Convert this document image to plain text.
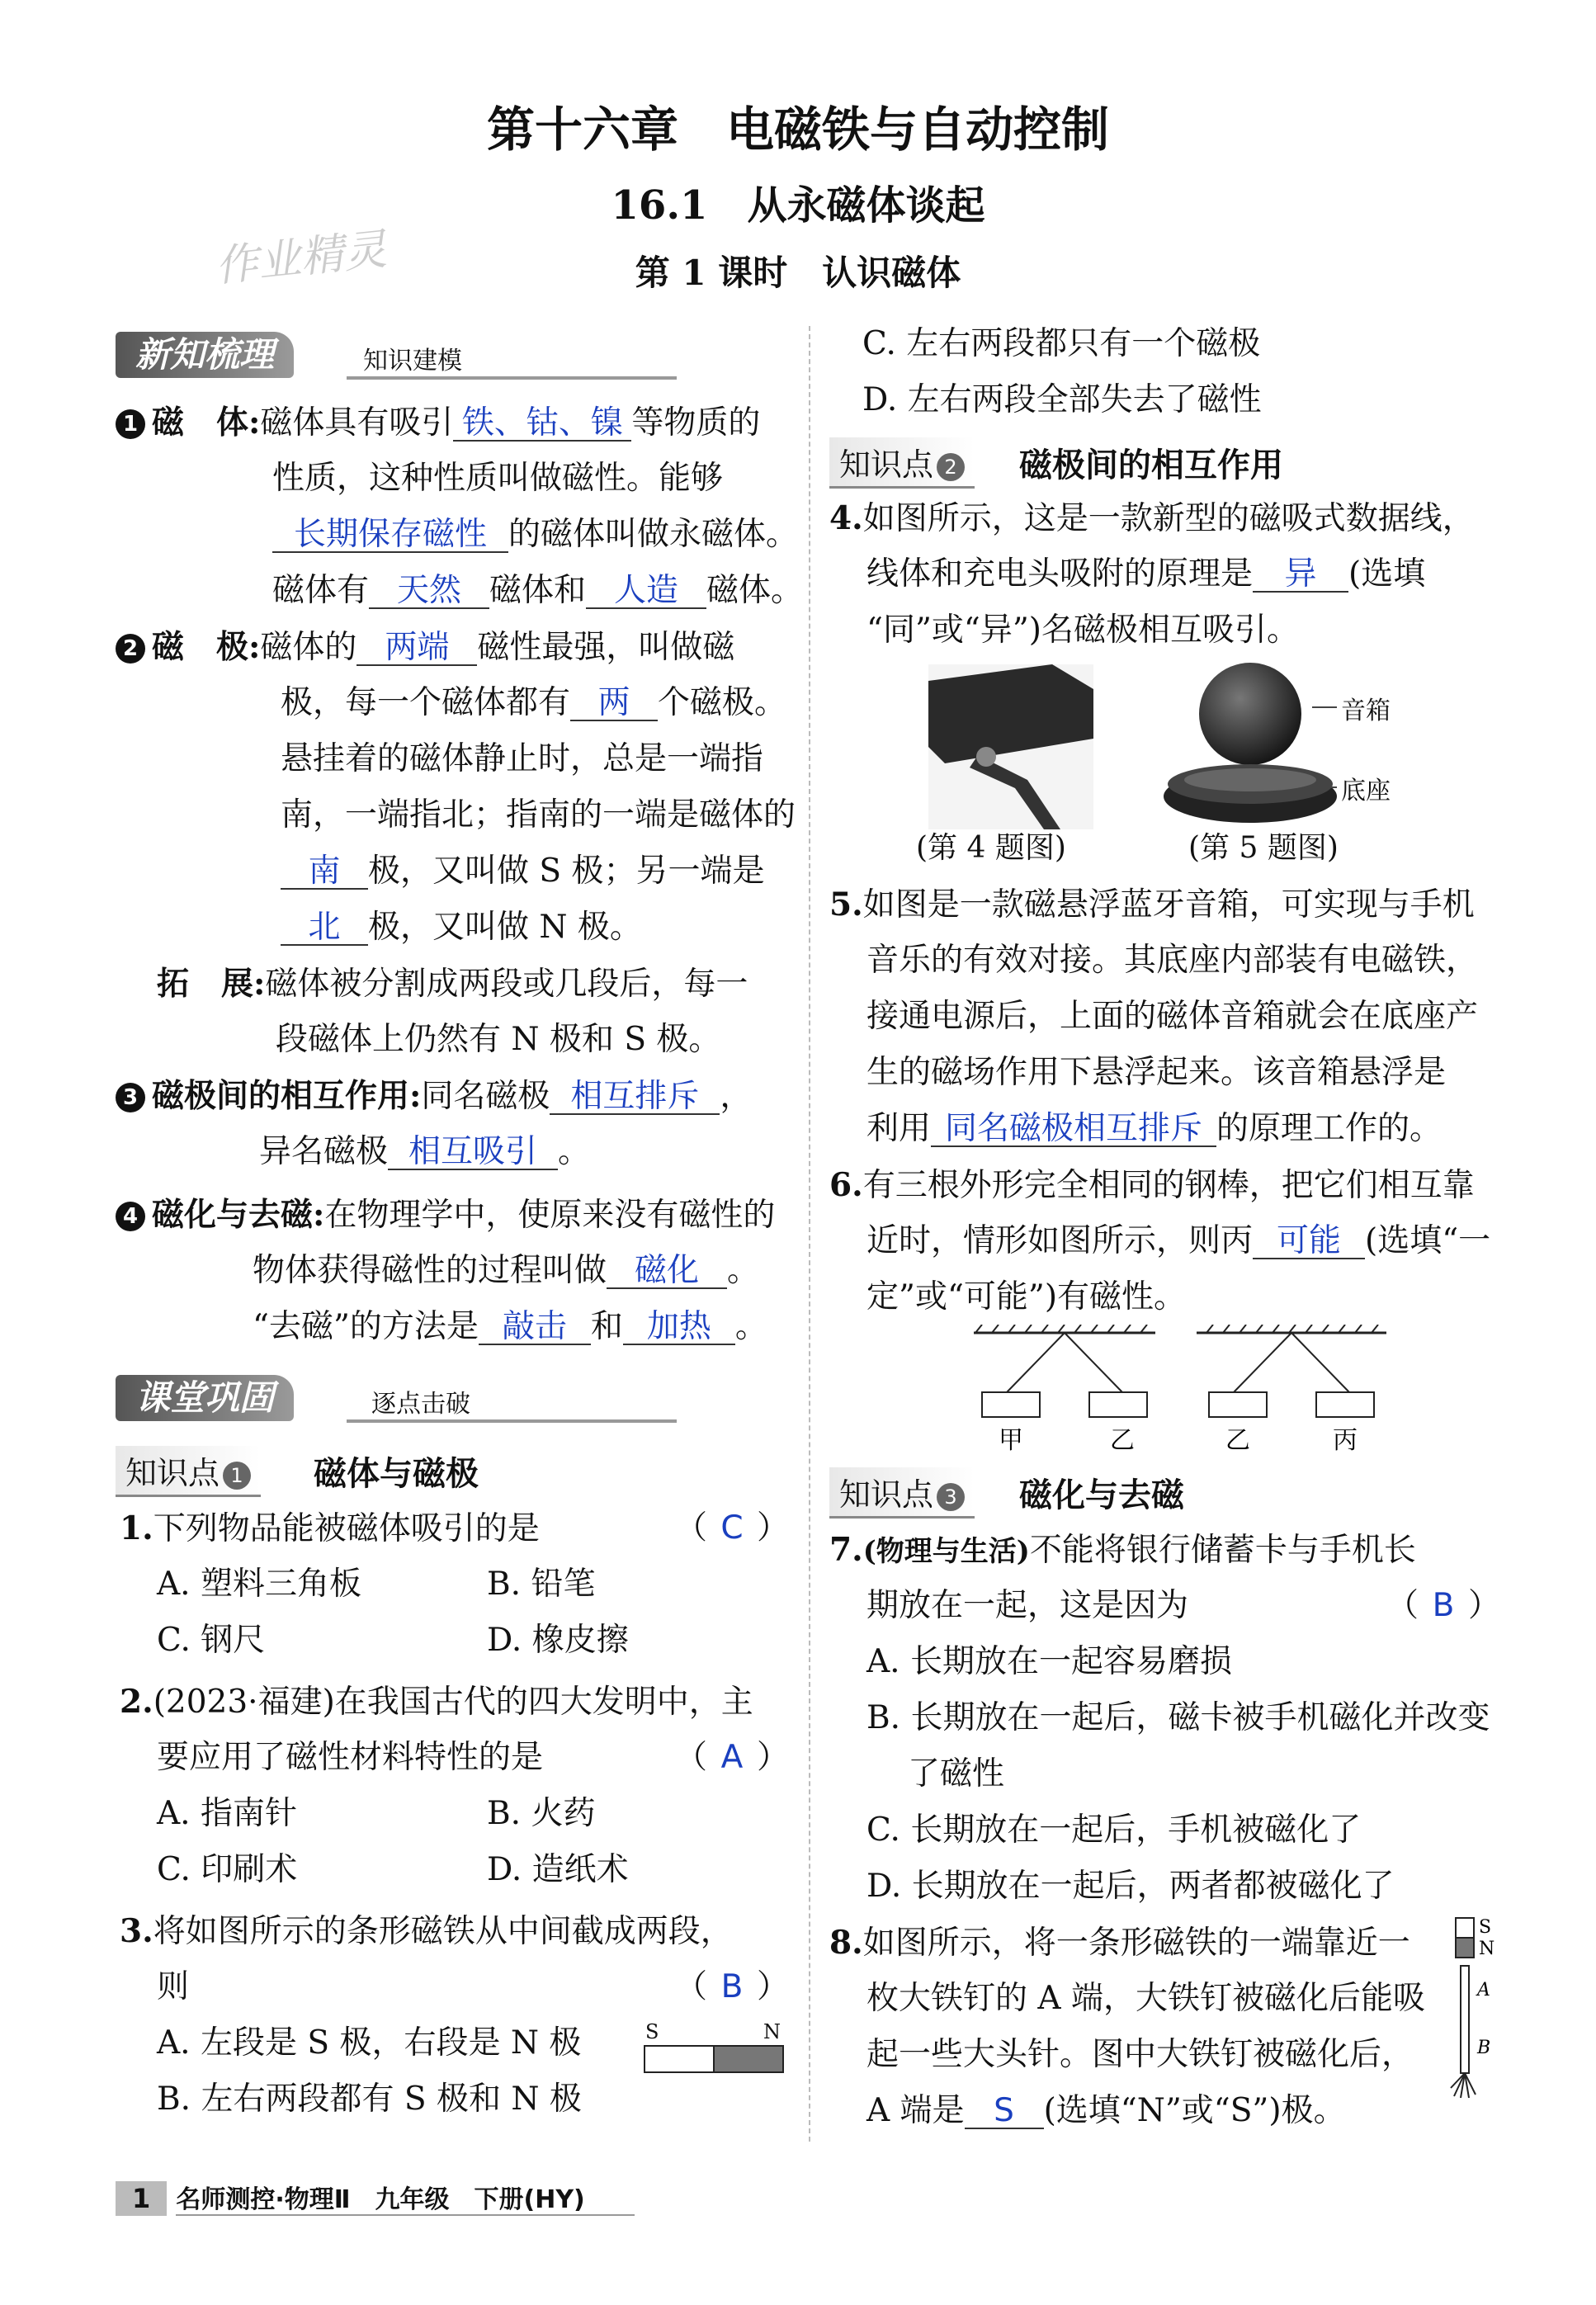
第十六章　电磁铁与自动控制
16.1　从永磁体谈起
第 1 课时　认识磁体
作业精灵
新知梳理	知识建模
1 磁　体:磁体具有吸引 铁、钴、镍 等物质的
性质，这种性质叫做磁性。能够
长期保存磁性 的磁体叫做永磁体。
磁体有 天然 磁体和 人造 磁体。
2 磁　极:磁体的 两端 磁性最强，叫做磁
极，每一个磁体都有 两 个磁极。
悬挂着的磁体静止时，总是一端指
南，一端指北；指南的一端是磁体的
南 极，又叫做 S 极；另一端是
北 极，又叫做 N 极。
拓　展:磁体被分割成两段或几段后，每一
段磁体上仍然有 N 极和 S 极。
3 磁极间的相互作用:同名磁极 相互排斥 ，
异名磁极 相互吸引 。
4 磁化与去磁:在物理学中，使原来没有磁性的
物体获得磁性的过程叫做 磁化 。
“去磁”的方法是 敲击 和 加热 。
课堂巩固	逐点击破
知识点 1	磁体与磁极
1.下列物品能被磁体吸引的是	（ C ）
A. 塑料三角板	B. 铅笔
C. 钢尺	D. 橡皮擦
2.(2023·福建)在我国古代的四大发明中，主
要应用了磁性材料特性的是	（ A ）
A. 指南针	B. 火药
C. 印刷术	D. 造纸术
3.将如图所示的条形磁铁从中间截成两段，
则	（ B ）
A. 左段是 S 极，右段是 N 极
B. 左右两段都有 S 极和 N 极
S	N
C. 左右两段都只有一个磁极
D. 左右两段全部失去了磁性
知识点 2	磁极间的相互作用
4.如图所示，这是一款新型的磁吸式数据线，
线体和充电头吸附的原理是 异 (选填
“同”或“异”)名磁极相互吸引。
音箱
底座
(第 4 题图)	(第 5 题图)
5.如图是一款磁悬浮蓝牙音箱，可实现与手机
音乐的有效对接。其底座内部装有电磁铁，
接通电源后，上面的磁体音箱就会在底座产
生的磁场作用下悬浮起来。该音箱悬浮是
利用 同名磁极相互排斥 的原理工作的。
6.有三根外形完全相同的钢棒，把它们相互靠
近时，情形如图所示，则丙 可能 (选填“一
定”或“可能”)有磁性。
甲	乙	乙	丙
知识点 3	磁化与去磁
7.(物理与生活)不能将银行储蓄卡与手机长
期放在一起，这是因为	（ B ）
A. 长期放在一起容易磨损
B. 长期放在一起后，磁卡被手机磁化并改变
了磁性
C. 长期放在一起后，手机被磁化了
D. 长期放在一起后，两者都被磁化了
8.如图所示，将一条形磁铁的一端靠近一
枚大铁钉的 A 端，大铁钉被磁化后能吸
起一些大头针。图中大铁钉被磁化后，
A 端是 S (选填“N”或“S”)极。
S
N
A
B
1 名师测控·物理Ⅱ　九年级　下册(HY)
